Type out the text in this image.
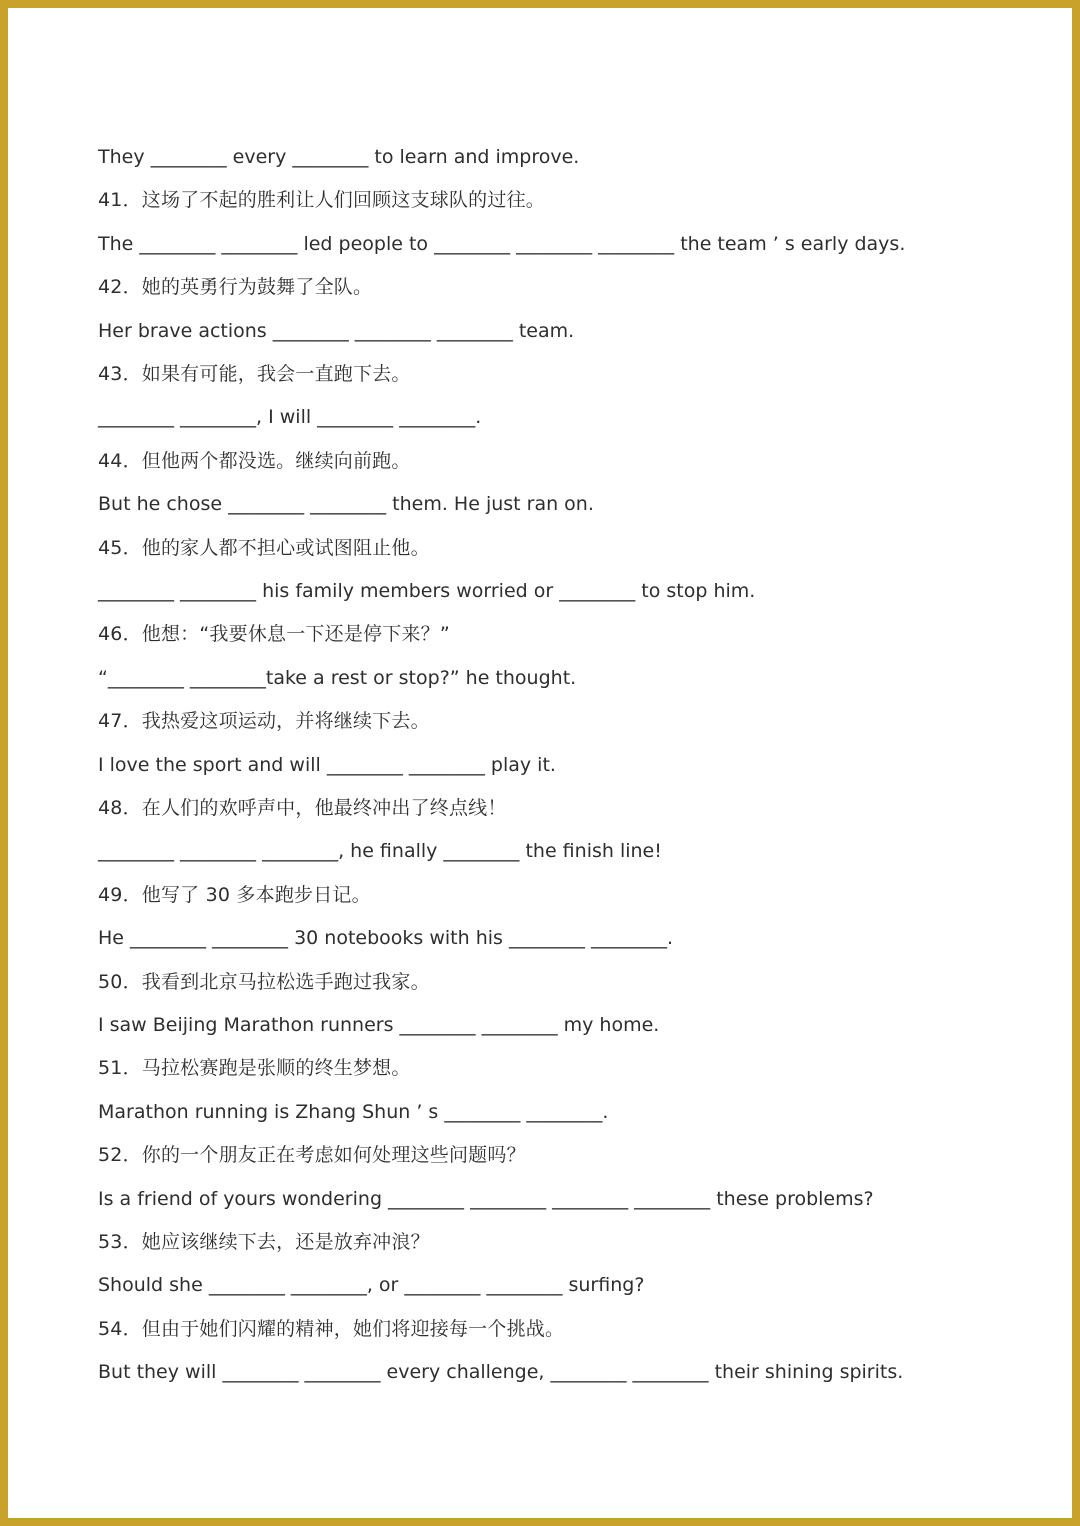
They ________ every ________ to learn and improve.
41．这场了不起的胜利让人们回顾这支球队的过往。
The ________ ________ led people to ________ ________ ________ the team ’ s early days.
42．她的英勇行为鼓舞了全队。
Her brave actions ________ ________ ________ team.
43．如果有可能，我会一直跑下去。
________ ________, I will ________ ________.
44．但他两个都没选。继续向前跑。
But he chose ________ ________ them. He just ran on.
45．他的家人都不担心或试图阻止他。
________ ________ his family members worried or ________ to stop him.
46．他想：“我要休息一下还是停下来？”
“________ ________take a rest or stop?” he thought.
47．我热爱这项运动，并将继续下去。
I love the sport and will ________ ________ play it.
48．在人们的欢呼声中，他最终冲出了终点线！
________ ________ ________, he finally ________ the finish line!
49．他写了 30 多本跑步日记。
He ________ ________ 30 notebooks with his ________ ________.
50．我看到北京马拉松选手跑过我家。
I saw Beijing Marathon runners ________ ________ my home.
51．马拉松赛跑是张顺的终生梦想。
Marathon running is Zhang Shun ’ s ________ ________.
52．你的一个朋友正在考虑如何处理这些问题吗？
Is a friend of yours wondering ________ ________ ________ ________ these problems?
53．她应该继续下去，还是放弃冲浪？
Should she ________ ________, or ________ ________ surfing?
54．但由于她们闪耀的精神，她们将迎接每一个挑战。
But they will ________ ________ every challenge, ________ ________ their shining spirits.
